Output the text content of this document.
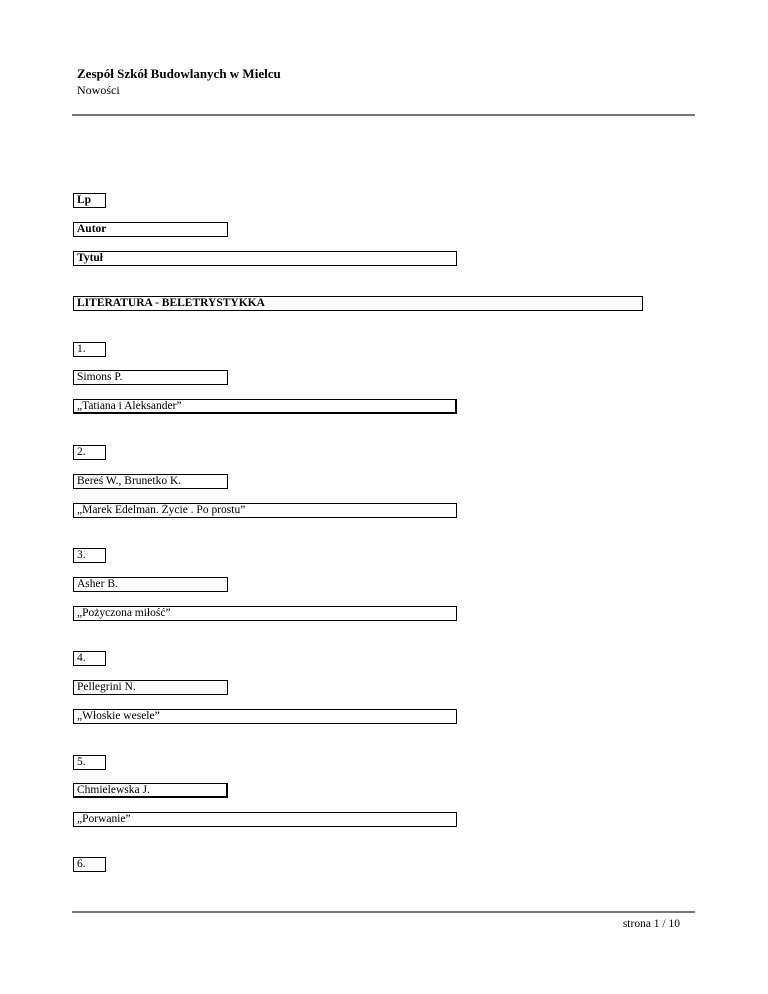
Zespół Szkół Budowlanych w Mielcu
Nowości
Lp
Autor
Tytuł
LITERATURA - BELETRYSTYKKA
1.
Simons P.
„Tatiana i Aleksander”
2.
Bereś W., Brunetko K.
„Marek Edelman. Życie . Po prostu”
3.
Asher B.
„Pożyczona miłość”
4.
Pellegrini N.
„Włoskie wesele”
5.
Chmielewska J.
„Porwanie”
6.
strona 1 / 10
